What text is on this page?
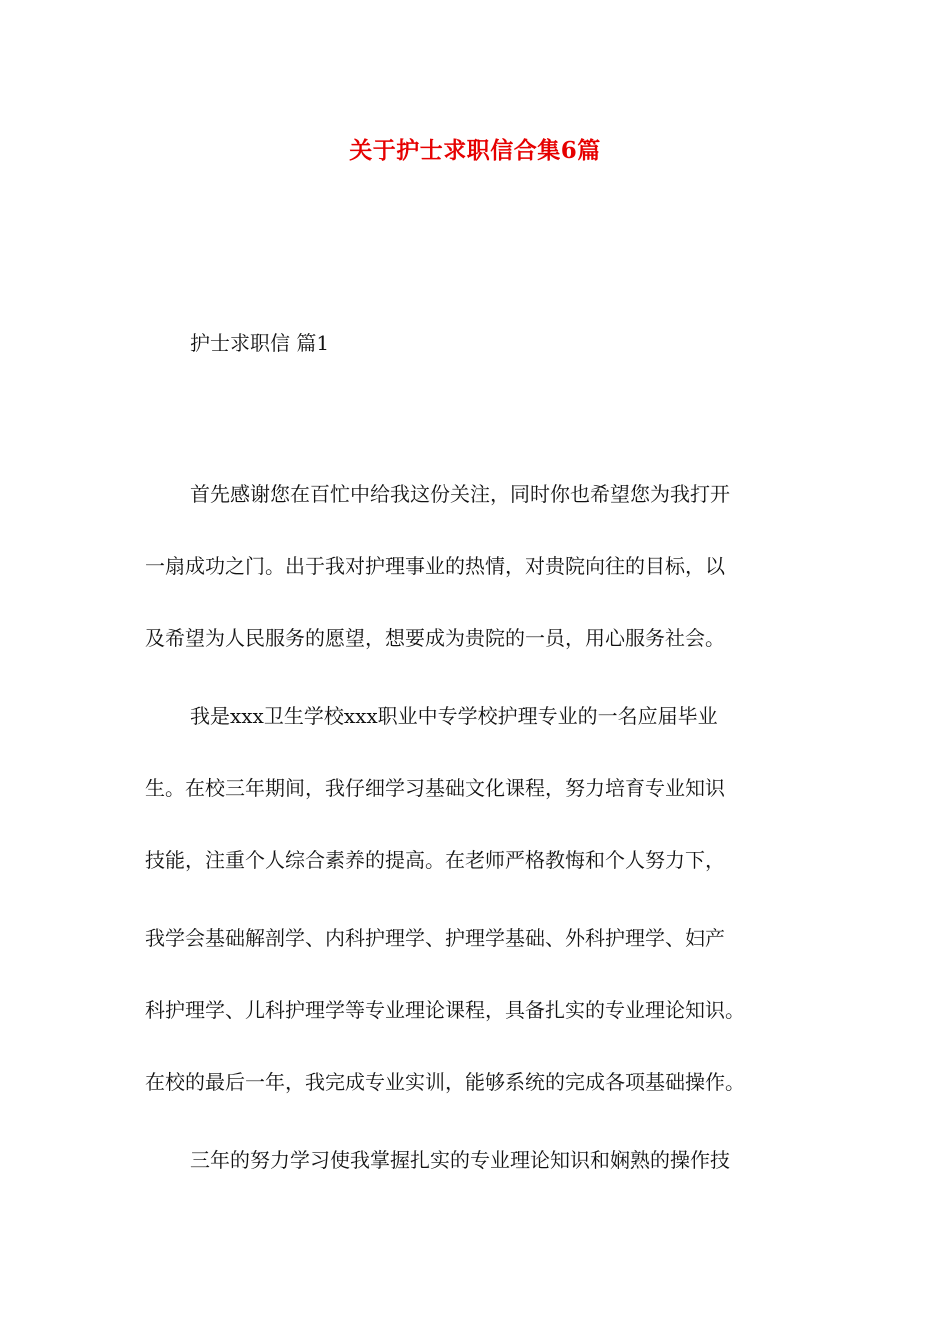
关于护士求职信合集6篇
护士求职信 篇1
首先感谢您在百忙中给我这份关注，同时你也希望您为我打开
一扇成功之门。出于我对护理事业的热情，对贵院向往的目标，以
及希望为人民服务的愿望，想要成为贵院的一员，用心服务社会。
我是xxx卫生学校xxx职业中专学校护理专业的一名应届毕业
生。在校三年期间，我仔细学习基础文化课程，努力培育专业知识
技能，注重个人综合素养的提高。在老师严格教悔和个人努力下，
我学会基础解剖学、内科护理学、护理学基础、外科护理学、妇产
科护理学、儿科护理学等专业理论课程，具备扎实的专业理论知识。
在校的最后一年，我完成专业实训，能够系统的完成各项基础操作。
三年的努力学习使我掌握扎实的专业理论知识和娴熟的操作技
